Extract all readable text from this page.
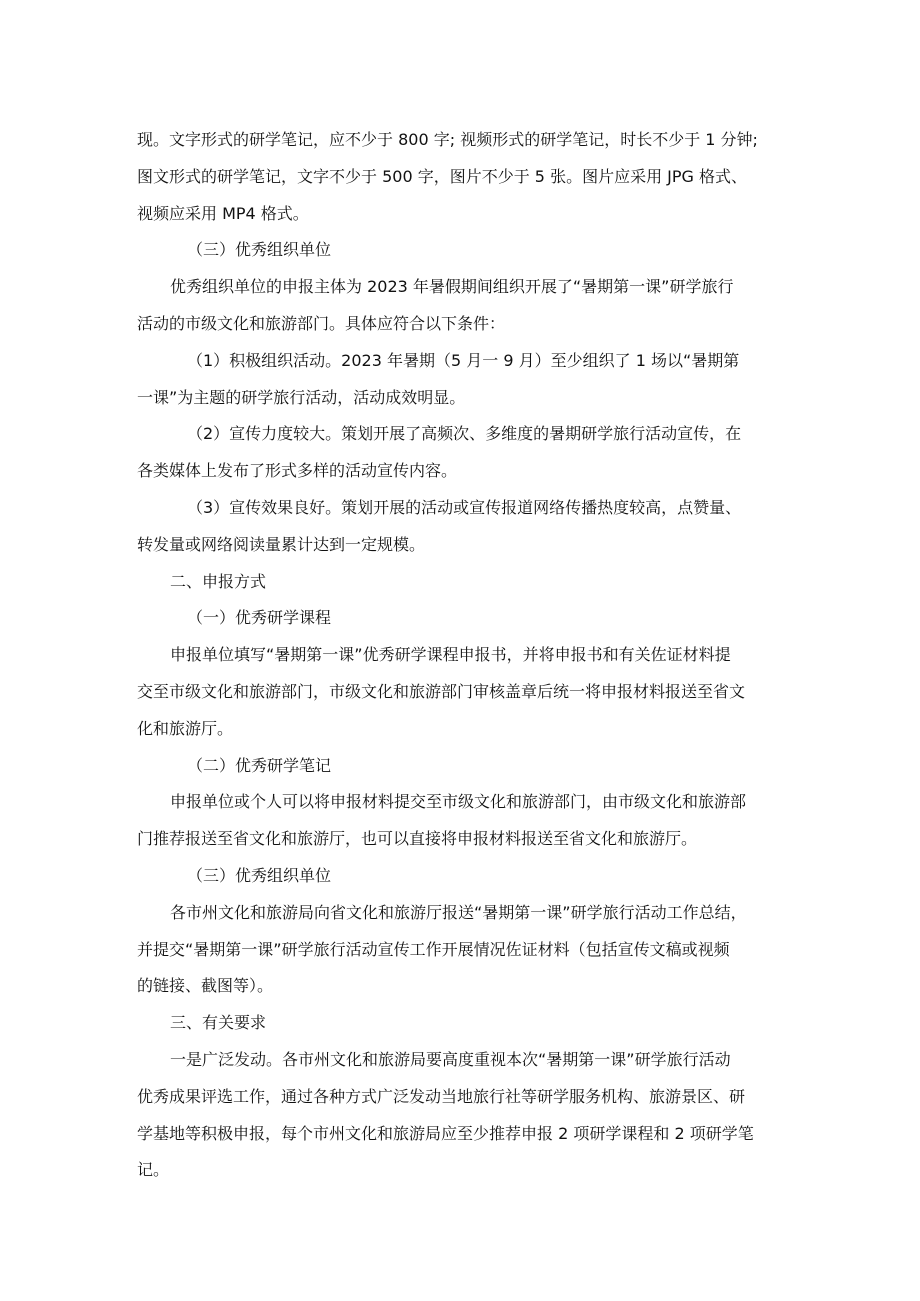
现。文字形式的研学笔记，应不少于 800 字; 视频形式的研学笔记，时长不少于 1 分钟;
图文形式的研学笔记，文字不少于 500 字，图片不少于 5 张。图片应采用 JPG 格式、
视频应采用 MP4 格式。
（三）优秀组织单位
优秀组织单位的申报主体为 2023 年暑假期间组织开展了“暑期第一课”研学旅行
活动的市级文化和旅游部门。具体应符合以下条件：
（1）积极组织活动。2023 年暑期（5 月一 9 月）至少组织了 1 场以“暑期第
一课”为主题的研学旅行活动，活动成效明显。
（2）宣传力度较大。策划开展了高频次、多维度的暑期研学旅行活动宣传，在
各类媒体上发布了形式多样的活动宣传内容。
（3）宣传效果良好。策划开展的活动或宣传报道网络传播热度较高，点赞量、
转发量或网络阅读量累计达到一定规模。
二、申报方式
（一）优秀研学课程
申报单位填写“暑期第一课”优秀研学课程申报书，并将申报书和有关佐证材料提
交至市级文化和旅游部门，市级文化和旅游部门审核盖章后统一将申报材料报送至省文
化和旅游厅。
（二）优秀研学笔记
申报单位或个人可以将申报材料提交至市级文化和旅游部门，由市级文化和旅游部
门推荐报送至省文化和旅游厅，也可以直接将申报材料报送至省文化和旅游厅。
（三）优秀组织单位
各市州文化和旅游局向省文化和旅游厅报送“暑期第一课”研学旅行活动工作总结，
并提交“暑期第一课”研学旅行活动宣传工作开展情况佐证材料（包括宣传文稿或视频
的链接、截图等）。
三、有关要求
一是广泛发动。各市州文化和旅游局要高度重视本次“暑期第一课”研学旅行活动
优秀成果评选工作，通过各种方式广泛发动当地旅行社等研学服务机构、旅游景区、研
学基地等积极申报，每个市州文化和旅游局应至少推荐申报 2 项研学课程和 2 项研学笔
记。
